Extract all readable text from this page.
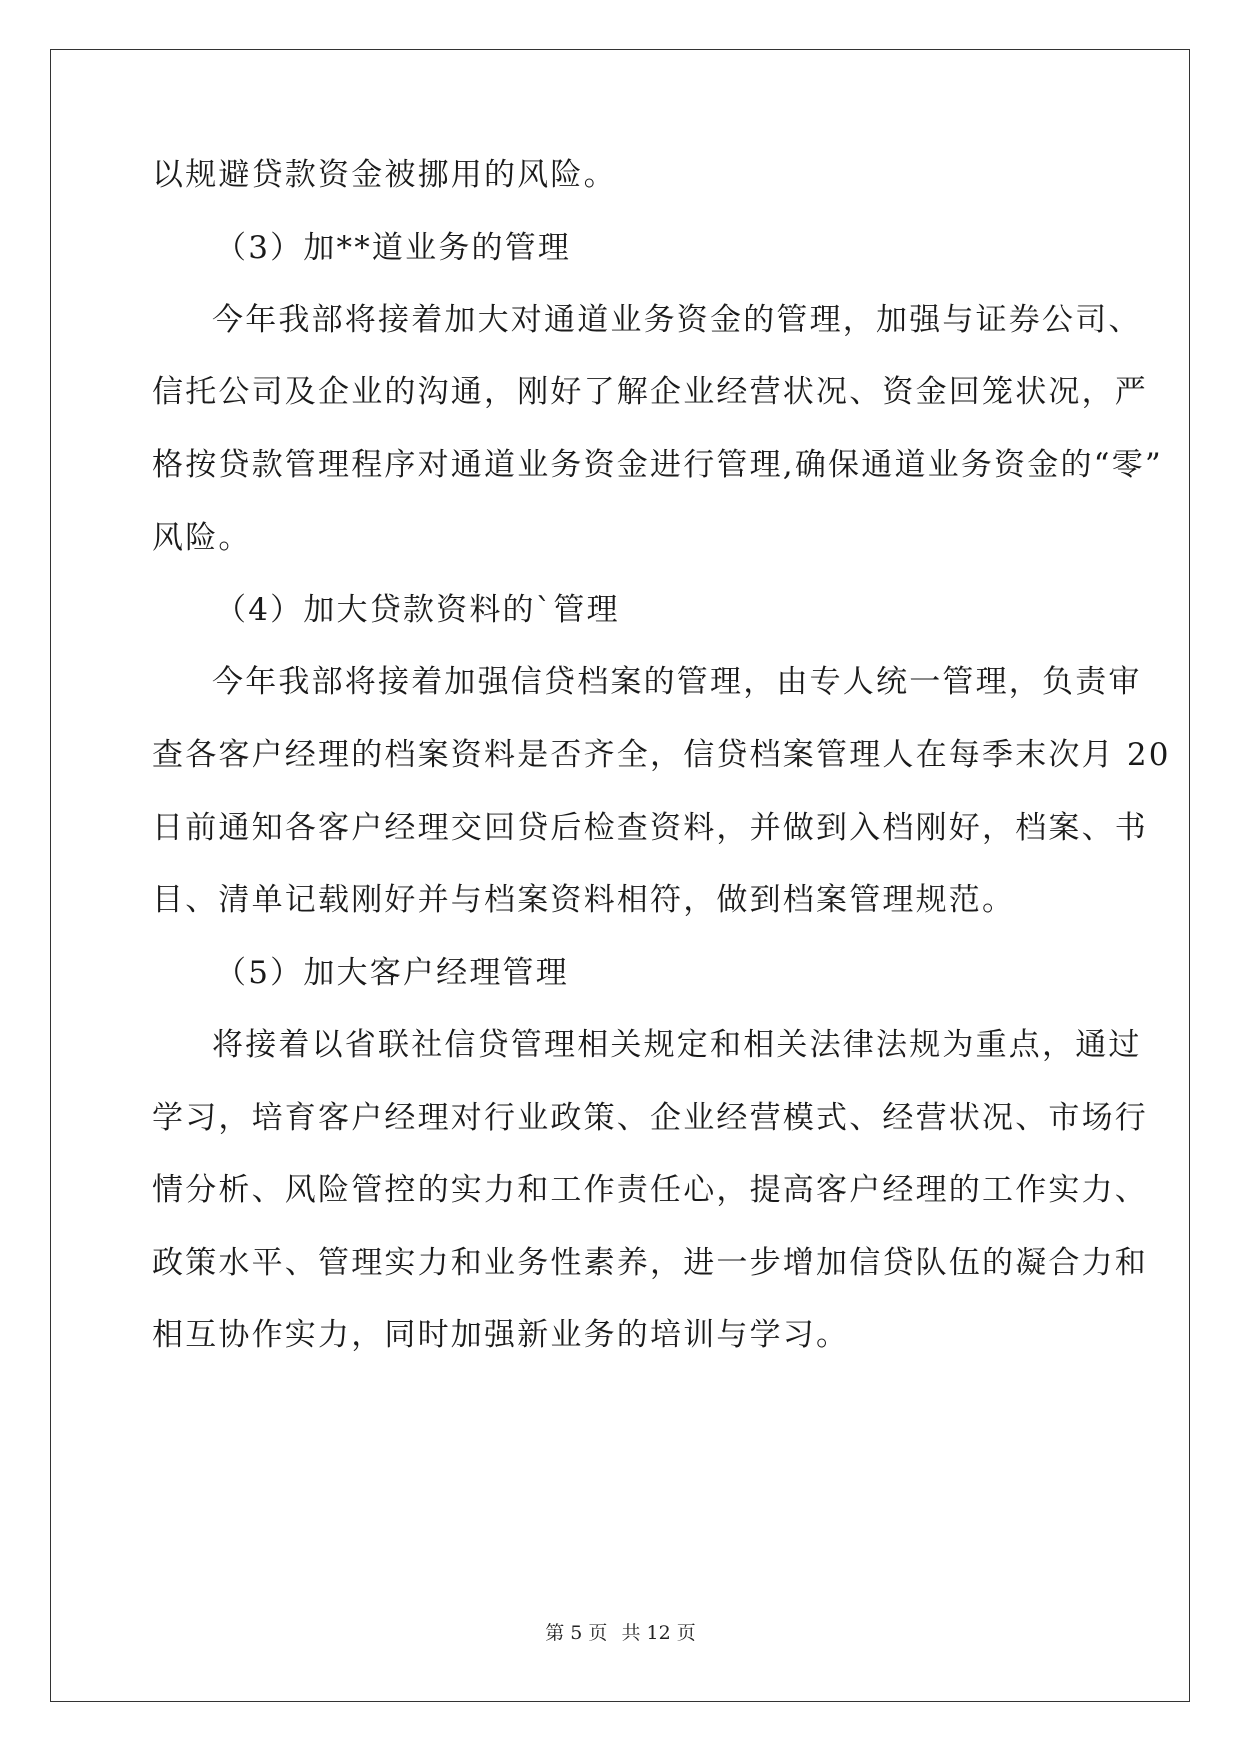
以规避贷款资金被挪用的风险。
（3）加**道业务的管理
今年我部将接着加大对通道业务资金的管理，加强与证券公司、
信托公司及企业的沟通，刚好了解企业经营状况、资金回笼状况，严
格按贷款管理程序对通道业务资金进行管理,确保通道业务资金的“零”
风险。
（4）加大贷款资料的`管理
今年我部将接着加强信贷档案的管理，由专人统一管理，负责审
查各客户经理的档案资料是否齐全，信贷档案管理人在每季末次月 20
日前通知各客户经理交回贷后检查资料，并做到入档刚好，档案、书
目、清单记载刚好并与档案资料相符，做到档案管理规范。
（5）加大客户经理管理
将接着以省联社信贷管理相关规定和相关法律法规为重点，通过
学习，培育客户经理对行业政策、企业经营模式、经营状况、市场行
情分析、风险管控的实力和工作责任心，提高客户经理的工作实力、
政策水平、管理实力和业务性素养，进一步增加信贷队伍的凝合力和
相互协作实力，同时加强新业务的培训与学习。
第 5 页 共 12 页
